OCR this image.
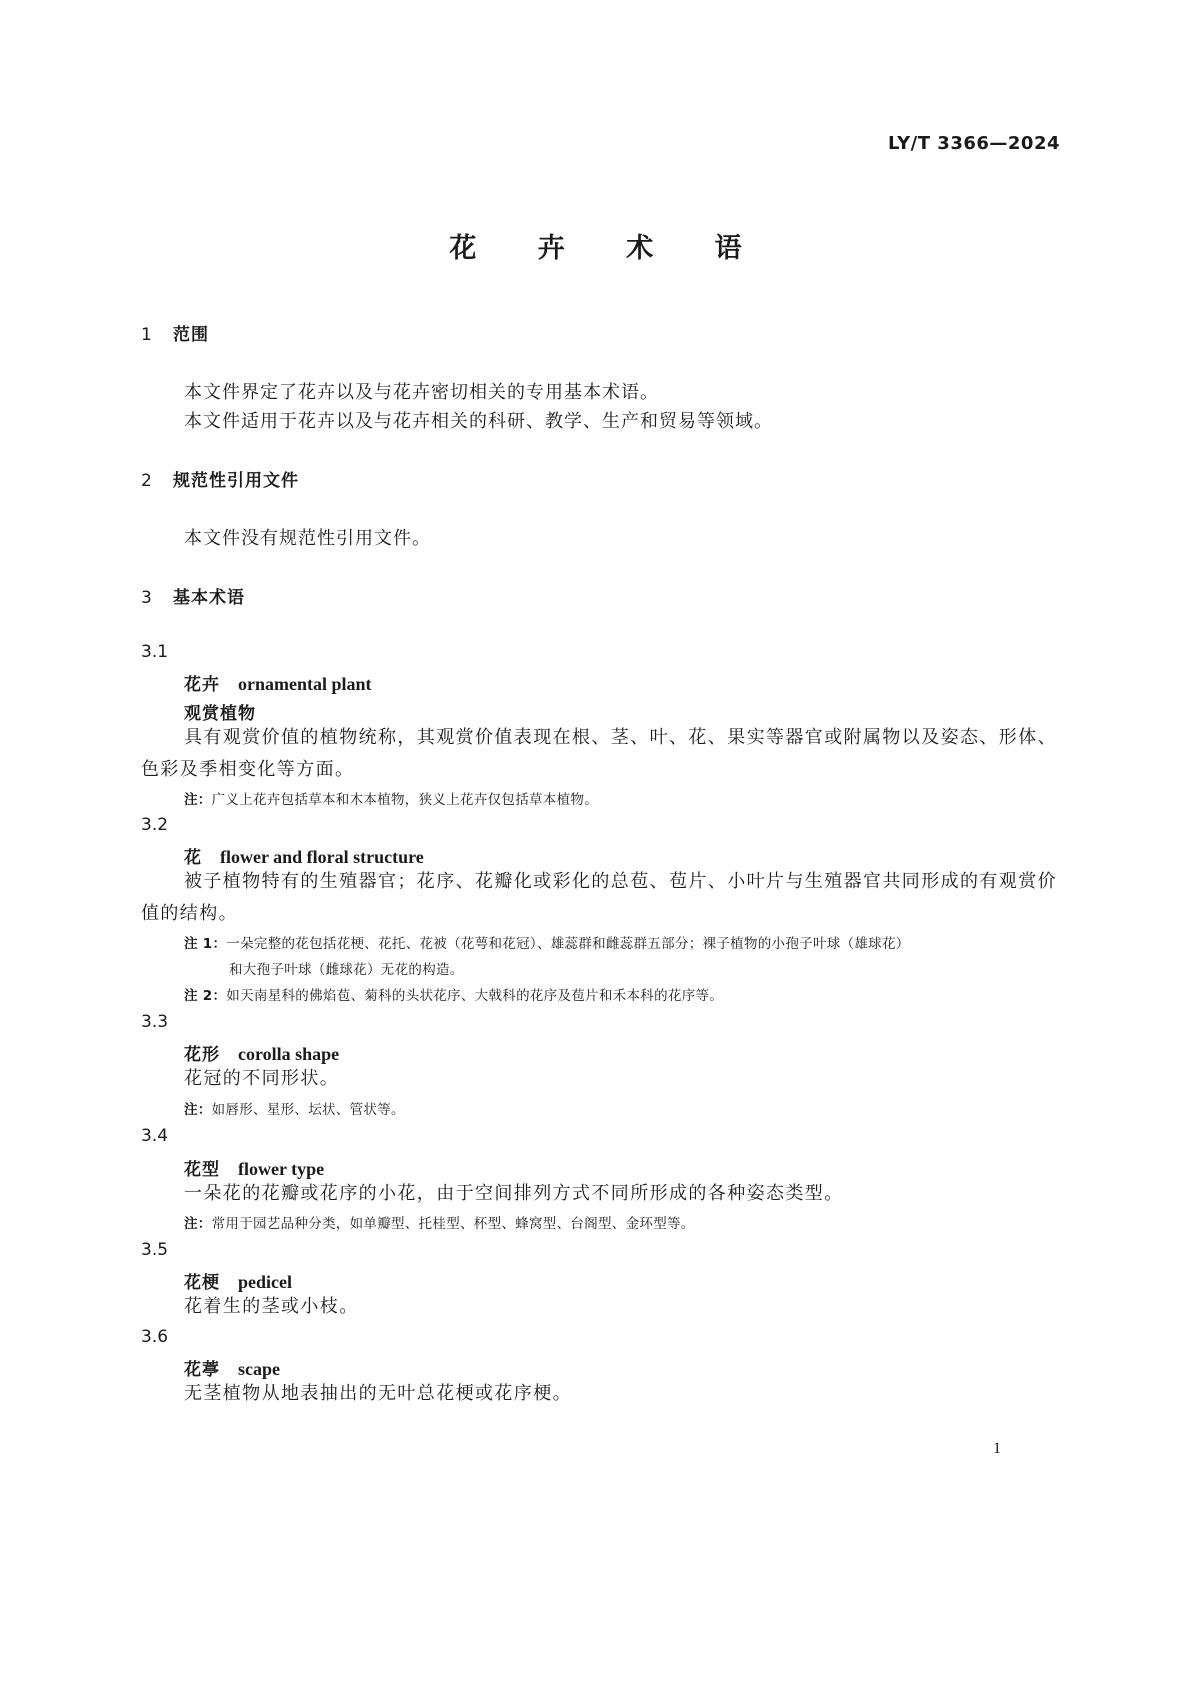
LY/T 3366—2024
花 卉 术 语
1 范围
本文件界定了花卉以及与花卉密切相关的专用基本术语。
本文件适用于花卉以及与花卉相关的科研、教学、生产和贸易等领域。
2 规范性引用文件
本文件没有规范性引用文件。
3 基本术语
3.1
花卉 ornamental plant
观赏植物
具有观赏价值的植物统称，其观赏价值表现在根、茎、叶、花、果实等器官或附属物以及姿态、形体、色彩及季相变化等方面。
注：广义上花卉包括草本和木本植物，狭义上花卉仅包括草本植物。
3.2
花 flower and floral structure
被子植物特有的生殖器官；花序、花瓣化或彩化的总苞、苞片、小叶片与生殖器官共同形成的有观赏价值的结构。
注 1：一朵完整的花包括花梗、花托、花被（花萼和花冠）、雄蕊群和雌蕊群五部分；裸子植物的小孢子叶球（雄球花）
和大孢子叶球（雌球花）无花的构造。
注 2：如天南星科的佛焰苞、菊科的头状花序、大戟科的花序及苞片和禾本科的花序等。
3.3
花形 corolla shape
花冠的不同形状。
注：如唇形、星形、坛状、管状等。
3.4
花型 flower type
一朵花的花瓣或花序的小花，由于空间排列方式不同所形成的各种姿态类型。
注：常用于园艺品种分类，如单瓣型、托桂型、杯型、蜂窝型、台阁型、金环型等。
3.5
花梗 pedicel
花着生的茎或小枝。
3.6
花葶 scape
无茎植物从地表抽出的无叶总花梗或花序梗。
1
